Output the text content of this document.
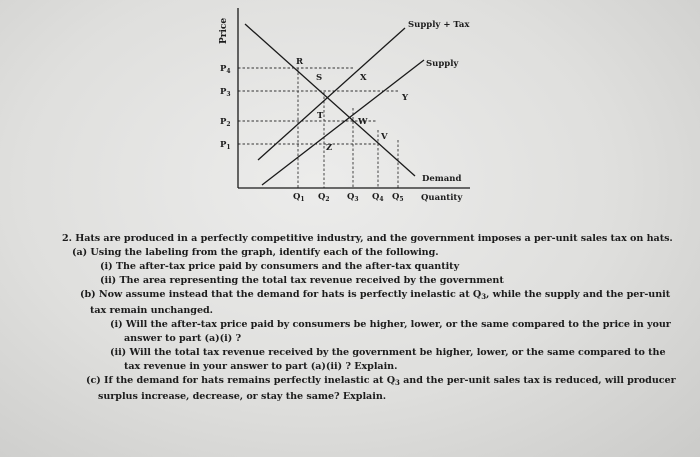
Price
Quantity
Supply + Tax
Supply
Demand
$P_4$
$P_3$
$P_2$
$P_1$
$Q_1$ $Q_2$ $Q_3$ $Q_4$ $Q_5$
R
S	X
Y
T
W
V
Z

2. Hats are produced in a perfectly competitive industry, and the government imposes a per-unit sales tax on hats.

(a) Using the labeling from the graph, identify each of the following.

(i) The after-tax price paid by consumers and the after-tax quantity

(ii) The area representing the total tax revenue received by the government

(b) Now assume instead that the demand for hats is perfectly inelastic at $Q_3$, while the supply and the per-unit

tax remain unchanged.

(i) Will the after-tax price paid by consumers be higher, lower, or the same compared to the price in your

answer to part (a)(i) ?

(ii) Will the total tax revenue received by the government be higher, lower, or the same compared to the

tax revenue in your answer to part (a)(ii) ? Explain.

(c) If the demand for hats remains perfectly inelastic at $Q_3$ and the per-unit sales tax is reduced, will producer

surplus increase, decrease, or stay the same? Explain.
